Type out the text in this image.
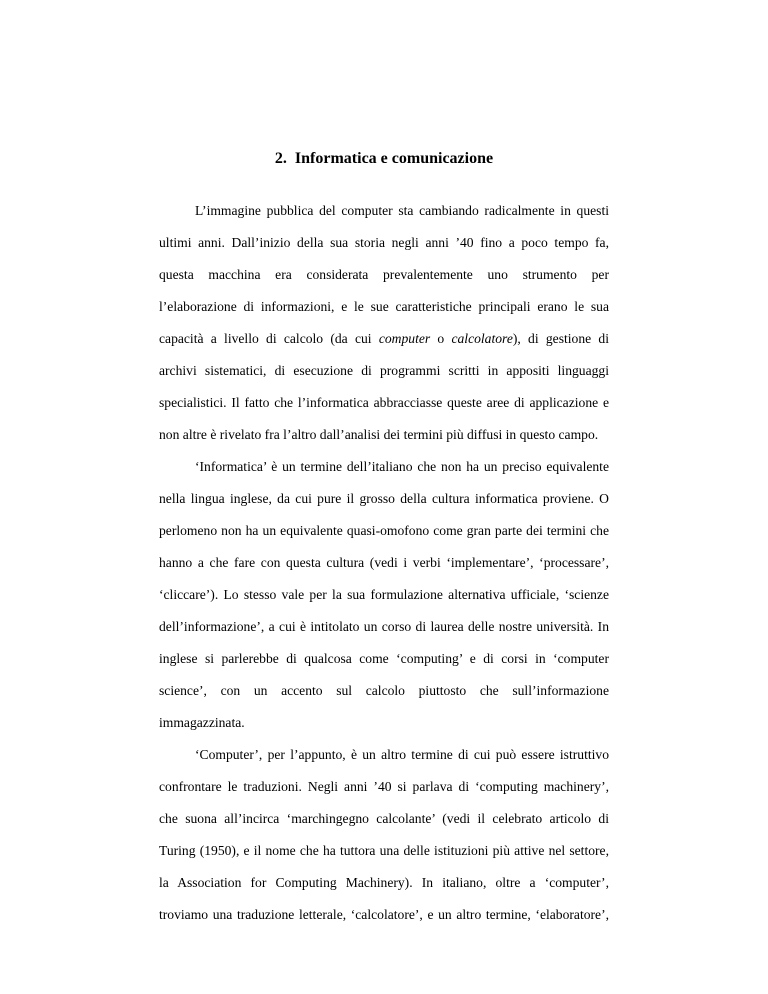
2.  Informatica e comunicazione
L’immagine pubblica del computer sta cambiando radicalmente in questi
ultimi anni. Dall’inizio della sua storia negli anni ’40 fino a poco tempo fa,
questa macchina era considerata prevalentemente uno strumento per
l’elaborazione di informazioni, e le sue caratteristiche principali erano le sua
capacità a livello di calcolo (da cui computer o calcolatore), di gestione di
archivi sistematici, di esecuzione di programmi scritti in appositi linguaggi
specialistici. Il fatto che l’informatica abbracciasse queste aree di applicazione e
non altre è rivelato fra l’altro dall’analisi dei termini più diffusi in questo campo.
‘Informatica’ è un termine dell’italiano che non ha un preciso equivalente
nella lingua inglese, da cui pure il grosso della cultura informatica proviene. O
perlomeno non ha un equivalente quasi-omofono come gran parte dei termini che
hanno a che fare con questa cultura (vedi i verbi ‘implementare’, ‘processare’,
‘cliccare’). Lo stesso vale per la sua formulazione alternativa ufficiale, ‘scienze
dell’informazione’, a cui è intitolato un corso di laurea delle nostre università. In
inglese si parlerebbe di qualcosa come ‘computing’ e di corsi in ‘computer
science’, con un accento sul calcolo piuttosto che sull’informazione
immagazzinata.
‘Computer’, per l’appunto, è un altro termine di cui può essere istruttivo
confrontare le traduzioni. Negli anni ’40 si parlava di ‘computing machinery’,
che suona all’incirca ‘marchingegno calcolante’ (vedi il celebrato articolo di
Turing (1950), e il nome che ha tuttora una delle istituzioni più attive nel settore,
la Association for Computing Machinery). In italiano, oltre a ‘computer’,
troviamo una traduzione letterale, ‘calcolatore’, e un altro termine, ‘elaboratore’,
